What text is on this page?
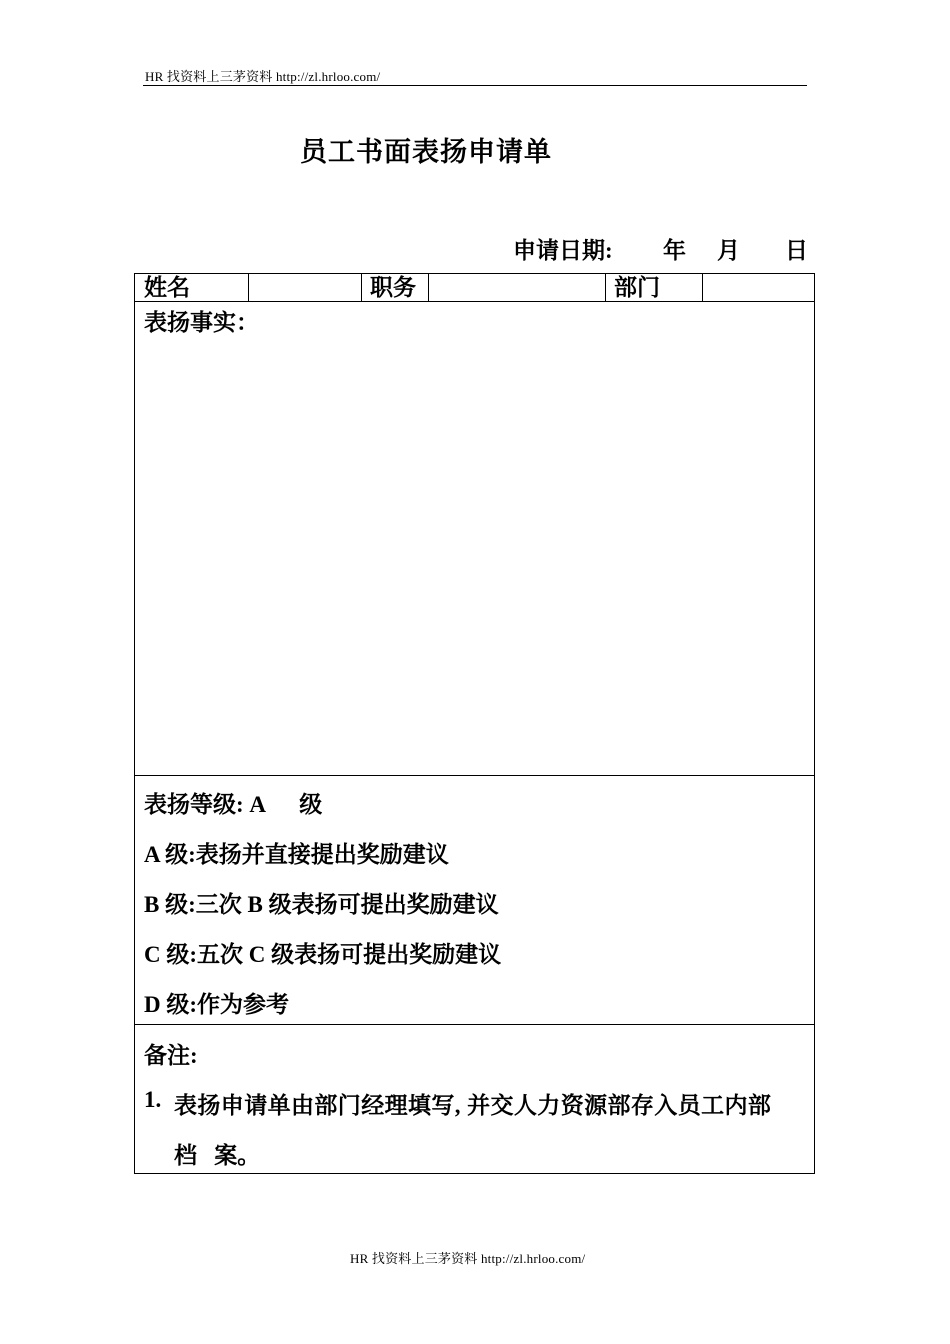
HR 找资料上三茅资料 http://zl.hrloo.com/
员工书面表扬申请单
申请日期: 年 月 日
姓名	职务	部门
表扬事实：
表扬等级: A      级
A 级:表扬并直接提出奖励建议
B 级:三次 B 级表扬可提出奖励建议
C 级:五次 C 级表扬可提出奖励建议
D 级:作为参考
备注:
1. 表扬申请单由部门经理填写, 并交人力资源部存入员工内部
档   案。
HR 找资料上三茅资料 http://zl.hrloo.com/
